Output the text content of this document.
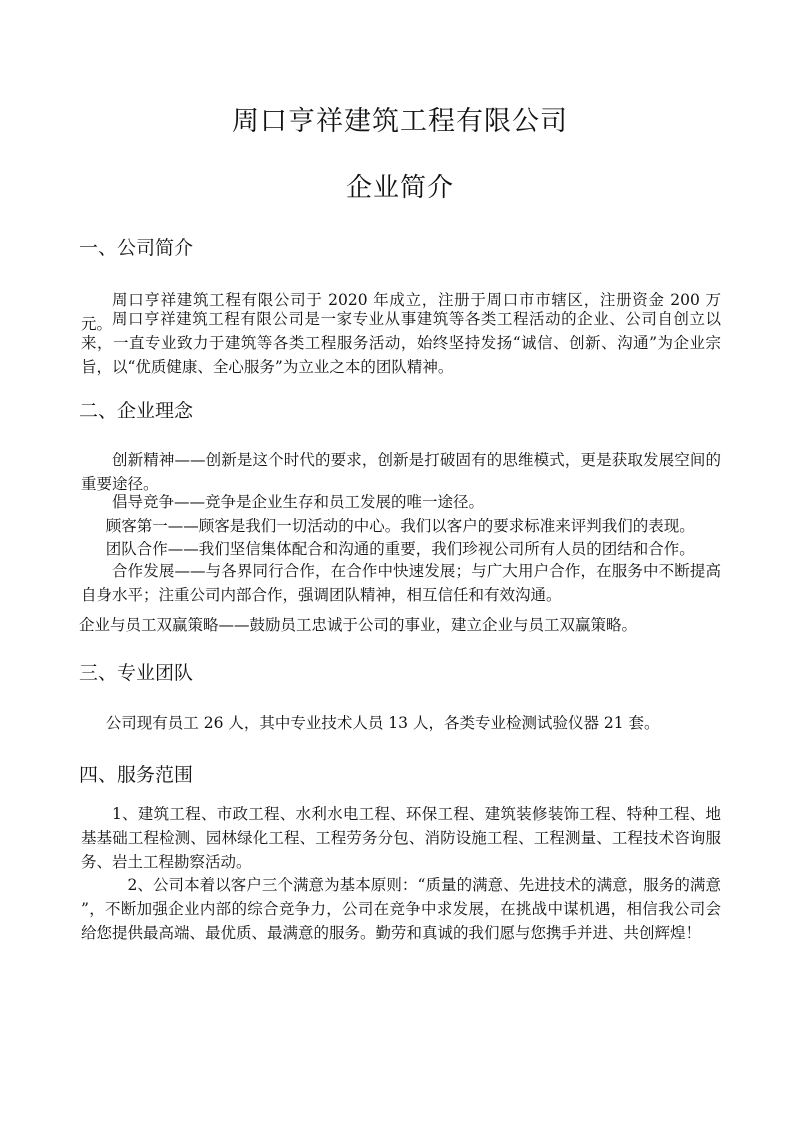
周口亨祥建筑工程有限公司
企业简介
一、公司简介

周口亨祥建筑工程有限公司于 2020 年成立，注册于周口市市辖区，注册资金 200 万元。 周口亨祥建筑工程有限公司是一家专业从事建筑等各类工程活动的企业、公司自创立以来，一直专业致力于建筑等各类工程服务活动，始终坚持发扬“诚信、创新、沟通”为企业宗旨，以“优质健康、全心服务”为立业之本的团队精神。

二、企业理念

创新精神——创新是这个时代的要求，创新是打破固有的思维模式，更是获取发展空间的重要途径。

倡导竞争——竞争是企业生存和员工发展的唯一途径。

顾客第一——顾客是我们一切活动的中心。我们以客户的要求标准来评判我们的表现。

团队合作——我们坚信集体配合和沟通的重要，我们珍视公司所有人员的团结和合作。

合作发展——与各界同行合作，在合作中快速发展；与广大用户合作，在服务中不断提高自身水平；注重公司内部合作，强调团队精神，相互信任和有效沟通。

企业与员工双赢策略——鼓励员工忠诚于公司的事业，建立企业与员工双赢策略。

三、专业团队

公司现有员工 26 人，其中专业技术人员 13 人，各类专业检测试验仪器 21 套。

四、服务范围

1、建筑工程、市政工程、水利水电工程、环保工程、建筑装修装饰工程、特种工程、地基基础工程检测、园林绿化工程、工程劳务分包、消防设施工程、工程测量、工程技术咨询服务、岩土工程勘察活动。

2、公司本着以客户三个满意为基本原则：“质量的满意、先进技术的满意，服务的满意 ”，不断加强企业内部的综合竞争力，公司在竞争中求发展，在挑战中谋机遇，相信我公司会给您提供最高端、最优质、最满意的服务。勤劳和真诚的我们愿与您携手并进、共创辉煌！
